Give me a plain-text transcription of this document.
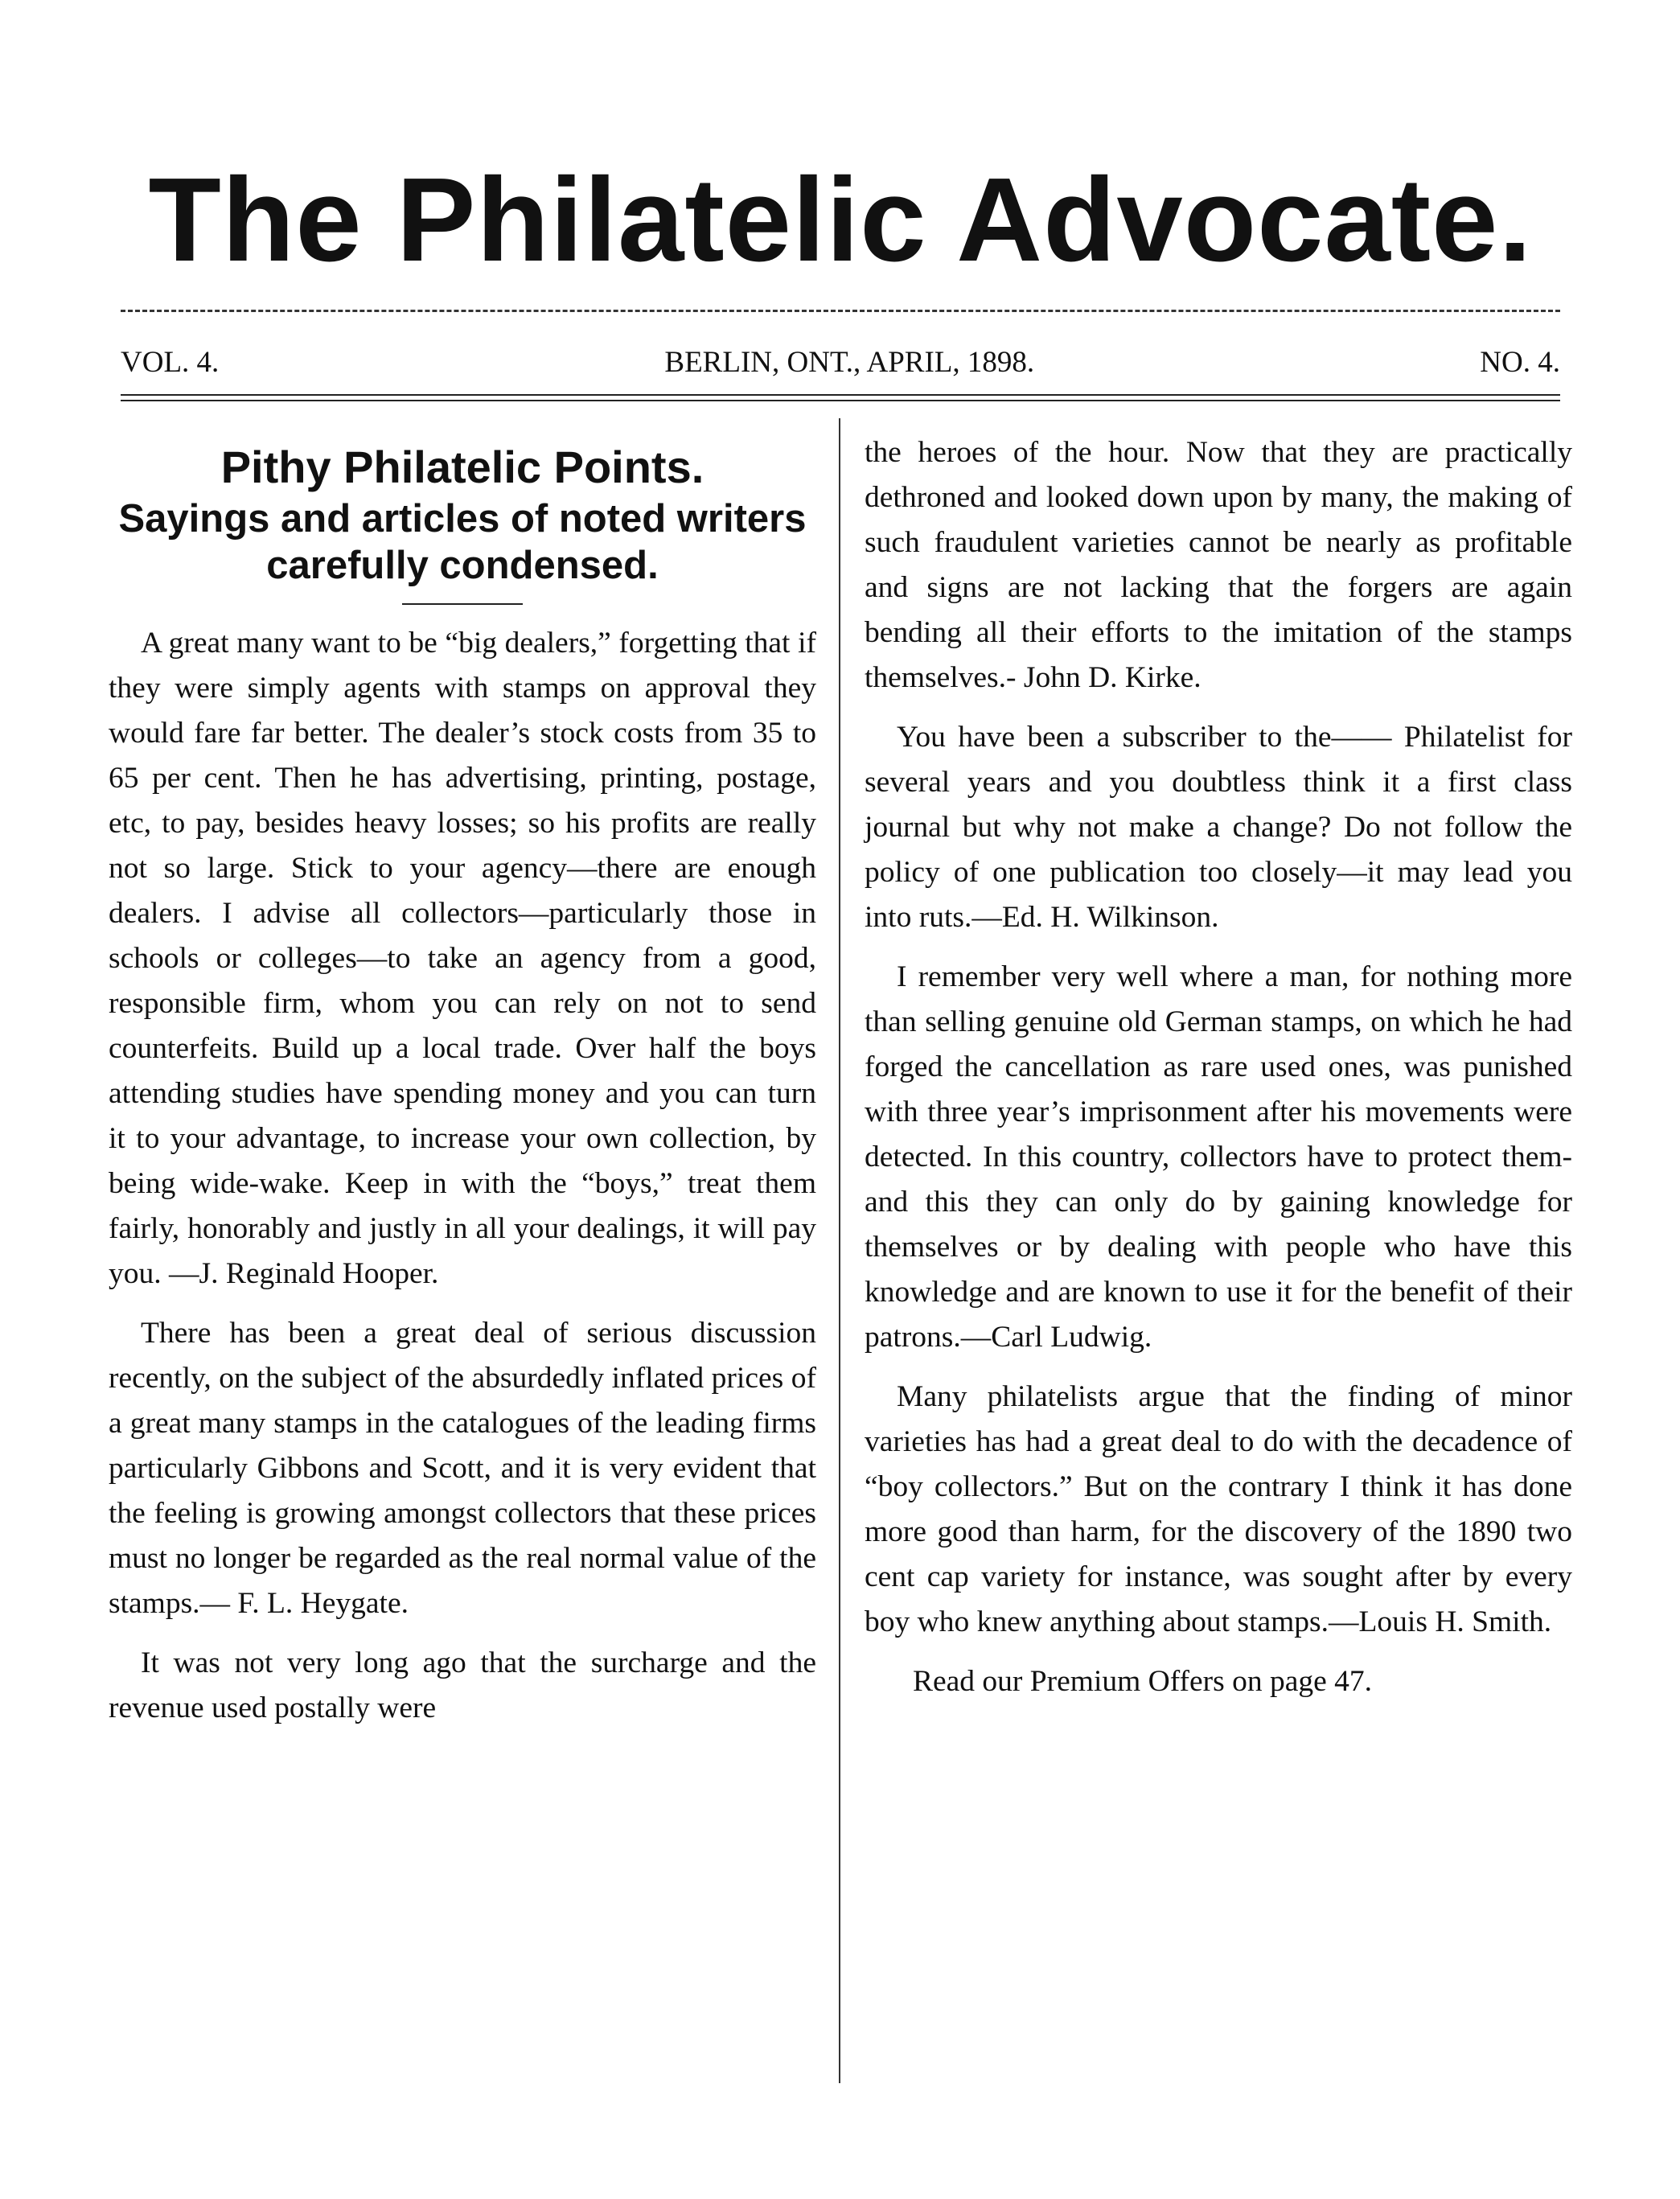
The Philatelic Advocate.
VOL. 4.	BERLIN, ONT., APRIL, 1898.	NO. 4.
Pithy Philatelic Points.
Sayings and articles of noted writers carefully condensed.

A great many want to be “big dealers,” forgetting that if they were simply agents with stamps on approval they would fare far better. The dealer’s stock costs from 35 to 65 per cent. Then he has advertising, printing, postage, etc, to pay, besides heavy losses; so his profits are really not so large. Stick to your agency—there are enough dealers. I advise all collectors—particularly those in schools or colleges—to take an agency from a good, responsible firm, whom you can rely on not to send counterfeits. Build up a local trade. Over half the boys attending studies have spending money and you can turn it to your advantage, to increase your own collection, by being wide-wake. Keep in with the “boys,” treat them fairly, honorably and justly in all your dealings, it will pay you. —J. Reginald Hooper.

There has been a great deal of serious discussion recently, on the subject of the absurdedly inflated prices of a great many stamps in the catalogues of the leading firms particularly Gibbons and Scott, and it is very evident that the feeling is growing amongst collectors that these prices must no longer be regarded as the real normal value of the stamps.— F. L. Heygate.

It was not very long ago that the surcharge and the revenue used postally were

the heroes of the hour. Now that they are practically dethroned and looked down upon by many, the making of such fraudulent varieties cannot be nearly as profitable and signs are not lacking that the forgers are again bending all their efforts to the imitation of the stamps themselves.- John D. Kirke.

You have been a subscriber to the—— Philatelist for several years and you doubtless think it a first class journal but why not make a change? Do not follow the policy of one publication too closely—it may lead you into ruts.—Ed. H. Wilkinson.

I remember very well where a man, for nothing more than selling genuine old German stamps, on which he had forged the cancellation as rare used ones, was punished with three year’s imprisonment after his movements were detected. In this country, collectors have to protect them- and this they can only do by gaining knowledge for themselves or by dealing with people who have this knowledge and are known to use it for the benefit of their patrons.—Carl Ludwig.

Many philatelists argue that the finding of minor varieties has had a great deal to do with the decadence of “boy collectors.” But on the contrary I think it has done more good than harm, for the discovery of the 1890 two cent cap variety for instance, was sought after by every boy who knew anything about stamps.—Louis H. Smith.

Read our Premium Offers on page 47.
